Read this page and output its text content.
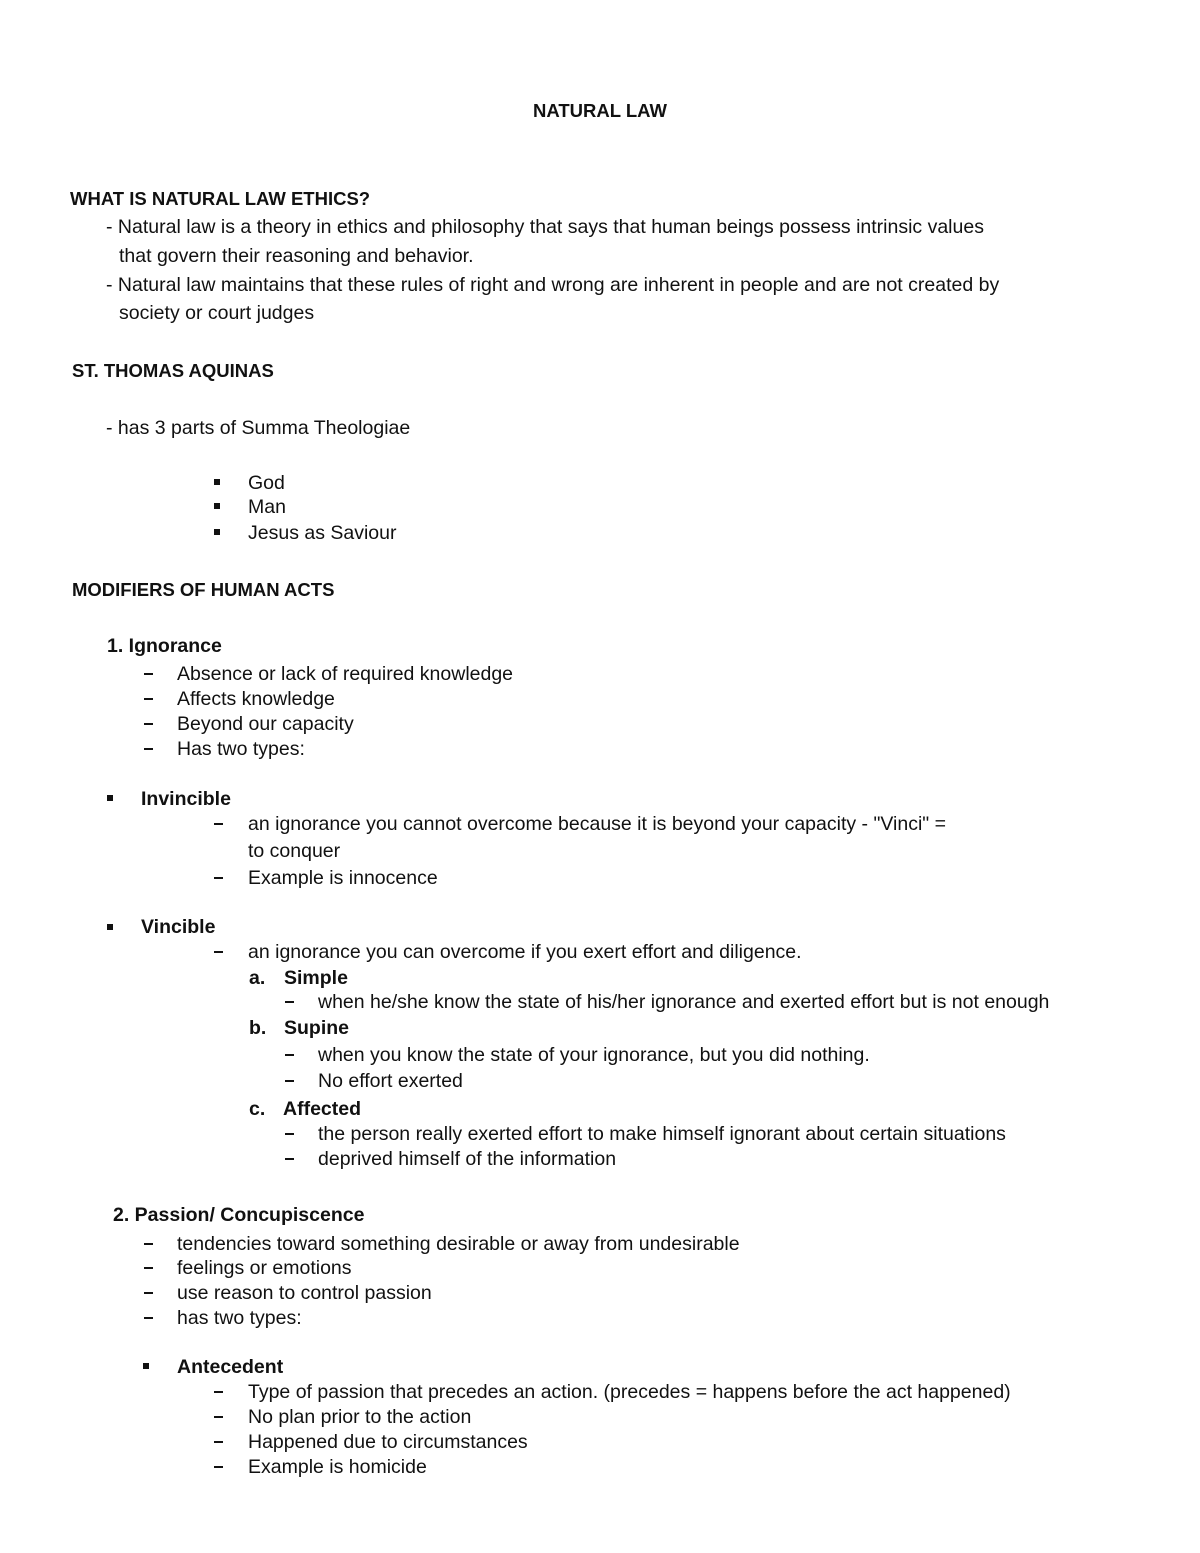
NATURAL LAW
WHAT IS NATURAL LAW ETHICS?
- Natural law is a theory in ethics and philosophy that says that human beings possess intrinsic values
that govern their reasoning and behavior.
- Natural law maintains that these rules of right and wrong are inherent in people and are not created by
society or court judges
ST. THOMAS AQUINAS
- has 3 parts of Summa Theologiae
God
Man
Jesus as Saviour
MODIFIERS OF HUMAN ACTS
1. Ignorance
Absence or lack of required knowledge
Affects knowledge
Beyond our capacity
Has two types:
Invincible
an ignorance you cannot overcome because it is beyond your capacity - "Vinci" =
to conquer
Example is innocence
Vincible
an ignorance you can overcome if you exert effort and diligence.
a. Simple
when he/she know the state of his/her ignorance and exerted effort but is not enough
b. Supine
when you know the state of your ignorance, but you did nothing.
No effort exerted
c. Affected
the person really exerted effort to make himself ignorant about certain situations
deprived himself of the information
2. Passion/ Concupiscence
tendencies toward something desirable or away from undesirable
feelings or emotions
use reason to control passion
has two types:
Antecedent
Type of passion that precedes an action. (precedes = happens before the act happened)
No plan prior to the action
Happened due to circumstances
Example is homicide
